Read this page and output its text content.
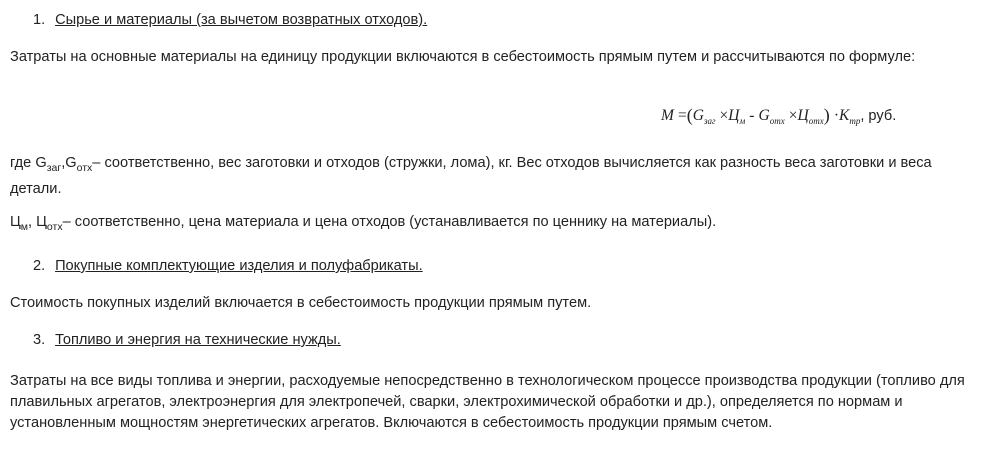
1. Сырье и материалы (за вычетом возвратных отходов).
Затраты на основные материалы на единицу продукции включаются в себестоимость прямым путем и рассчитываются по формуле:
$M =(G_{заг} \times Ц_м - G_{отх} \times Ц_{отх}) \cdot K_{тр}$, руб.
где $G_{заг},G_{отх}-$ соответственно, вес заготовки и отходов (стружки, лома), кг. Вес отходов вычисляется как разность веса заготовки и веса детали.
$Ц_м$, $Ц_{отх}-$ соответственно, цена материала и цена отходов (устанавливается по ценнику на материалы).
2. Покупные комплектующие изделия и полуфабрикаты.
Стоимость покупных изделий включается в себестоимость продукции прямым путем.
3. Топливо и энергия на технические нужды.
Затраты на все виды топлива и энергии, расходуемые непосредственно в технологическом процессе производства продукции (топливо для плавильных агрегатов, электроэнергия для электропечей, сварки, электрохимической обработки и др.), определяется по нормам и установленным мощностям энергетических агрегатов. Включаются в себестоимость продукции прямым счетом.
